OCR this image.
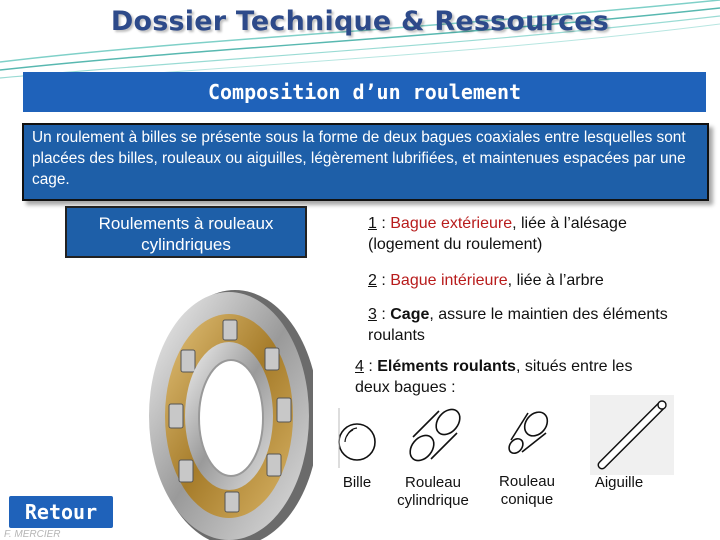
Dossier Technique & Ressources
Composition d’un roulement
Un roulement à billes se présente sous la forme de deux bagues coaxiales entre lesquelles sont placées des billes, rouleaux ou aiguilles, légèrement lubrifiées, et maintenues espacées par une cage.
Roulements à rouleaux
cylindriques
1 : Bague extérieure, liée à l’alésage (logement du roulement)
2 : Bague intérieure, liée à l’arbre
3 : Cage, assure le maintien des éléments roulants
4 : Eléments roulants, situés entre les deux bagues :
Bille	Rouleau cylindrique
Rouleau conique
Aiguille
Retour
F. MERCIER
